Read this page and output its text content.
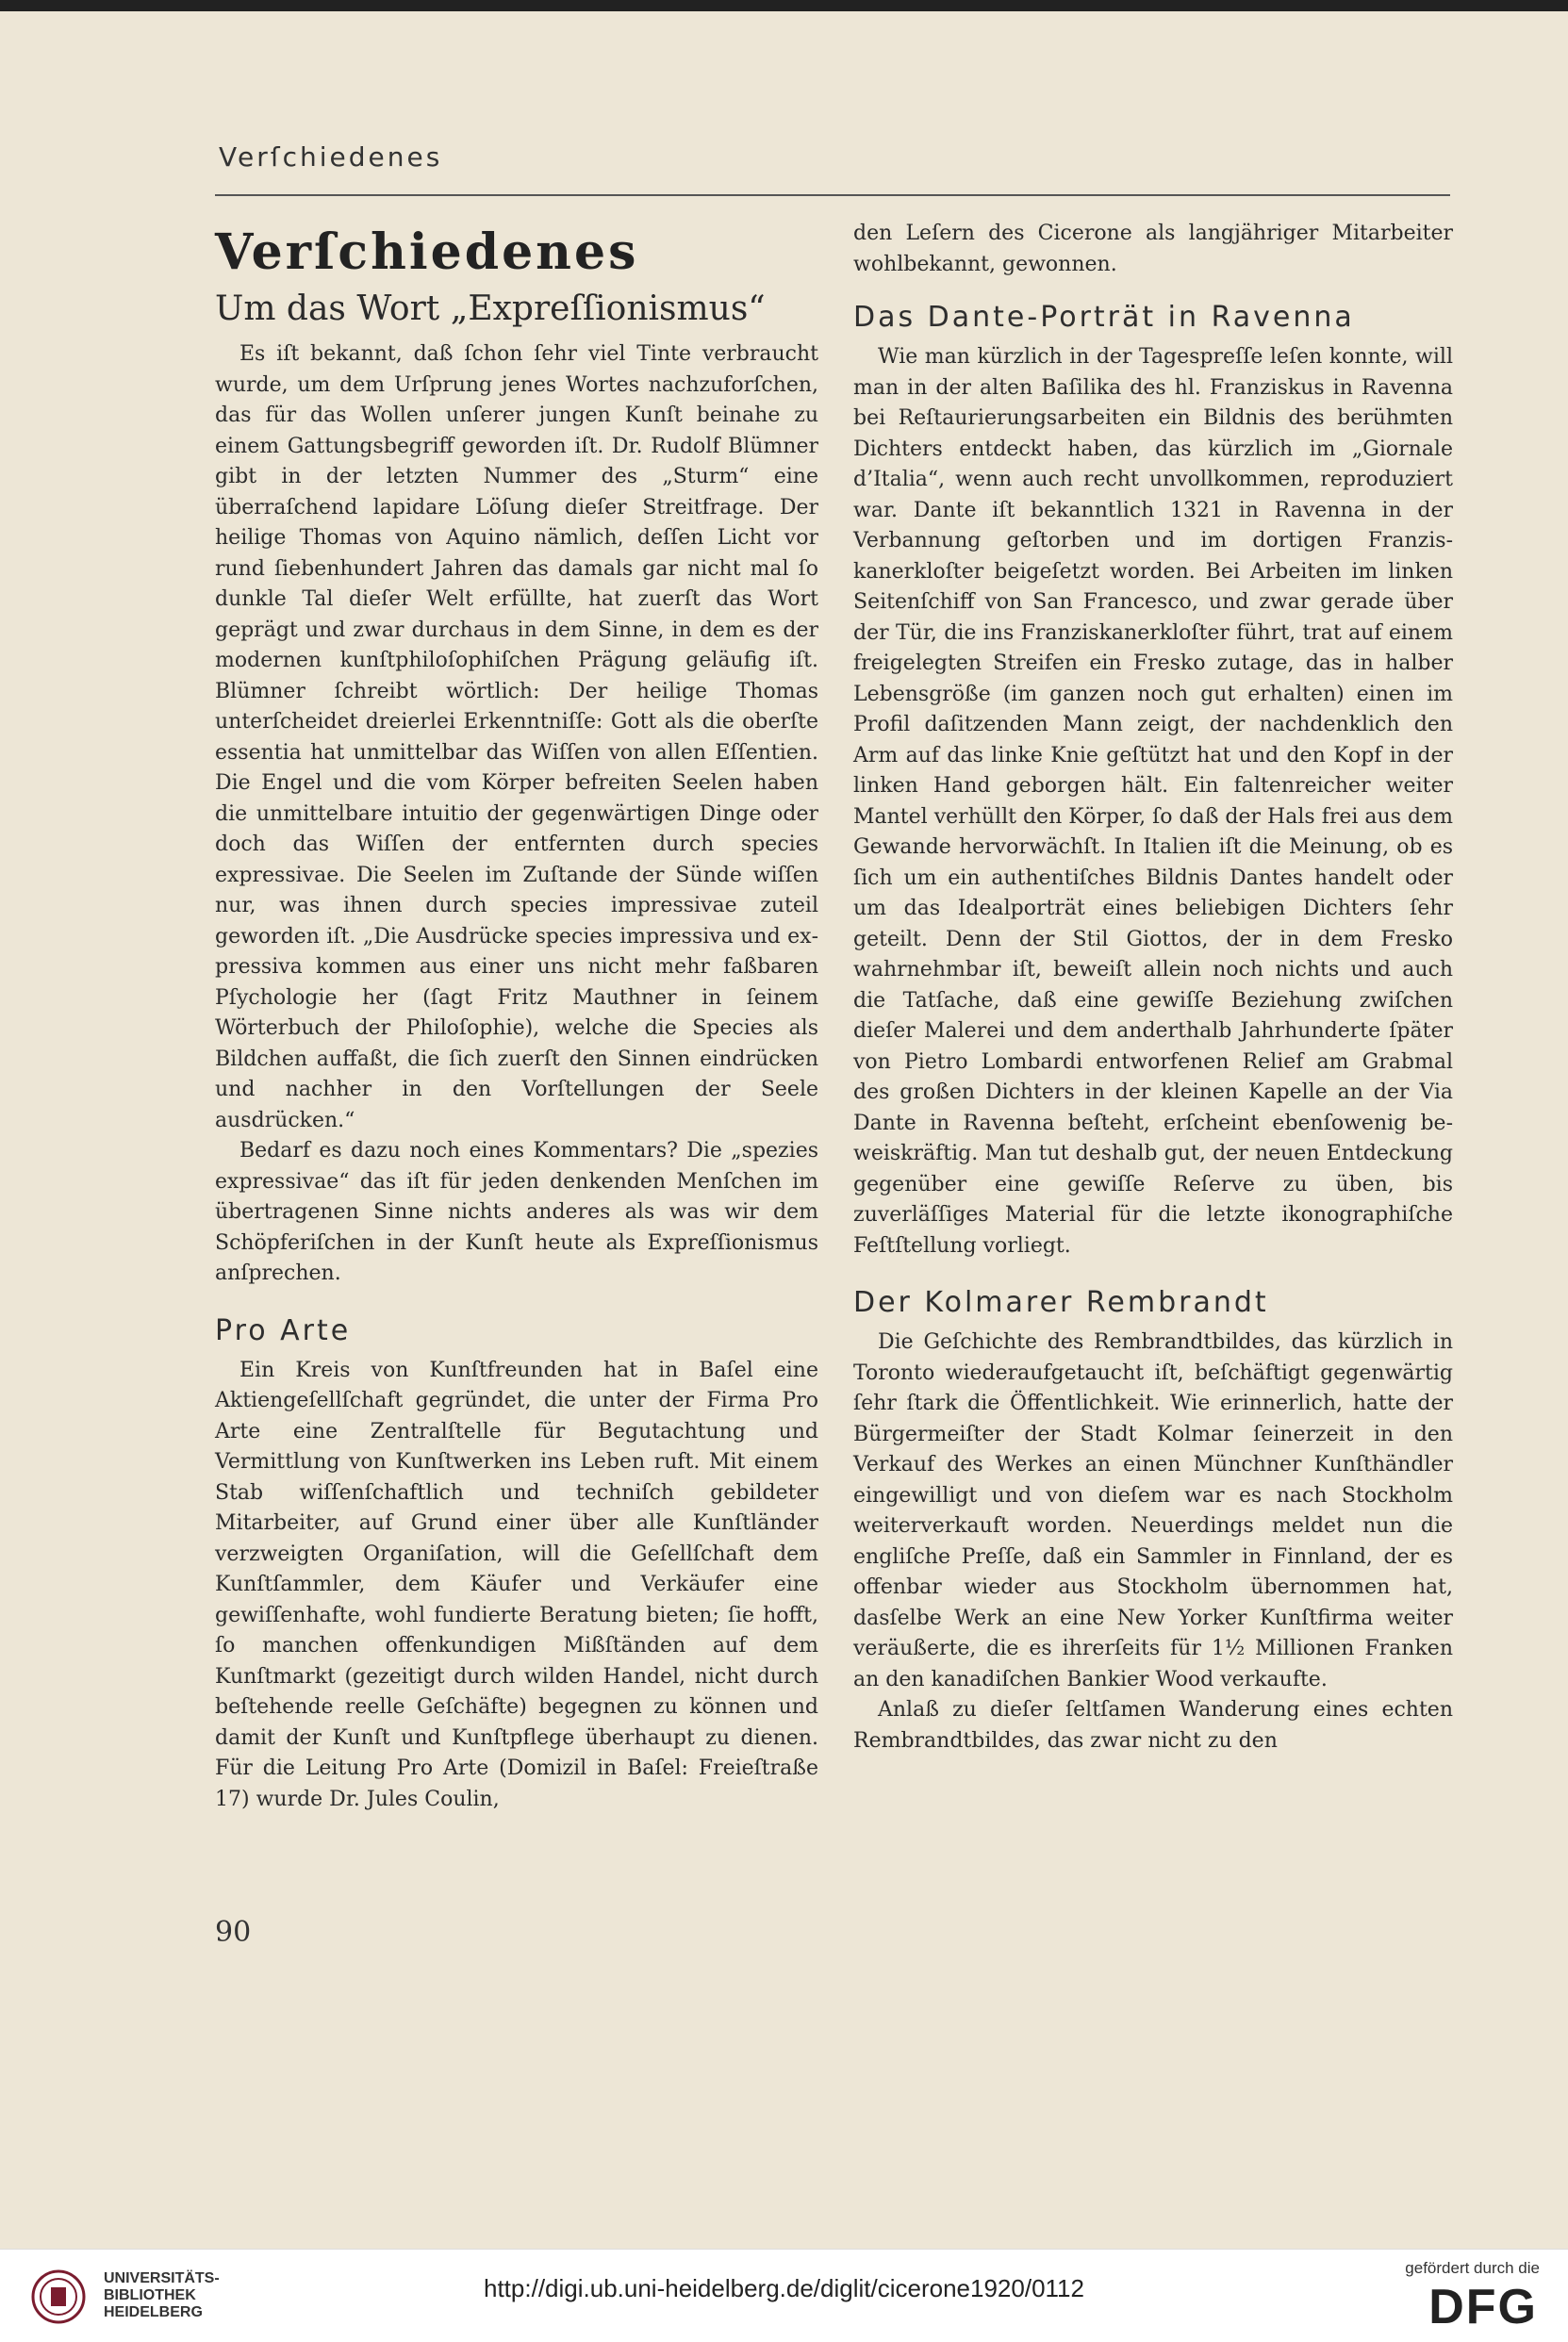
Verſchiedenes
Verſchiedenes
Um das Wort „Expreſſionismus“

Es iſt bekannt, daß ſchon ſehr viel Tinte verbraucht wurde, um dem Urſprung jenes Wortes nachzuforſchen, das für das Wollen unſerer jungen Kunſt beinahe zu einem Gattungsbegriff geworden iſt. Dr. Rudolf Blümner gibt in der letzten Nummer des „Sturm“ eine überraſchend lapidare Löſung dieſer Streitfrage. Der heilige Thomas von Aquino nämlich, deſſen Licht vor rund ſiebenhundert Jahren das damals gar nicht mal ſo dunkle Tal dieſer Welt erfüllte, hat zuerſt das Wort geprägt und zwar durchaus in dem Sinne, in dem es der modernen kunſtphiloſophiſchen Prägung geläufig iſt. Blümner ſchreibt wörtlich: Der heilige Thomas unterſcheidet dreierlei Erkenntniſſe: Gott als die oberſte essentia hat unmittelbar das Wiſſen von allen Eſſentien. Die Engel und die vom Körper befreiten Seelen haben die unmittelbare intuitio der gegenwärtigen Dinge oder doch das Wiſſen der entfernten durch species expressivae. Die Seelen im Zuſtande der Sünde wiſſen nur, was ihnen durch species impressivae zuteil geworden iſt. „Die Ausdrücke species impressiva und expressiva kommen aus einer uns nicht mehr faßbaren Pſychologie her (ſagt Fritz Mauthner in ſeinem Wörterbuch der Philoſophie), welche die Species als Bildchen auffaßt, die ſich zuerſt den Sinnen eindrücken und nachher in den Vorſtellungen der Seele ausdrücken.“

Bedarf es dazu noch eines Kommentars? Die „spezies expressivae“ das iſt für jeden denkenden Menſchen im übertragenen Sinne nichts anderes als was wir dem Schöpferiſchen in der Kunſt heute als Expreſſionismus anſprechen.

Pro Arte

Ein Kreis von Kunſtfreunden hat in Baſel eine Aktiengeſellſchaft gegründet, die unter der Firma Pro Arte eine Zentralſtelle für Begutachtung und Vermittlung von Kunſtwerken ins Leben ruft. Mit einem Stab wiſſenſchaftlich und techniſch gebildeter Mitarbeiter, auf Grund einer über alle Kunſtländer verzweigten Organiſation, will die Geſellſchaft dem Kunſtſammler, dem Käufer und Verkäufer eine gewiſſenhafte, wohl fundierte Beratung bieten; ſie hofft, ſo manchen offenkundigen Mißſtänden auf dem Kunſtmarkt (gezeitigt durch wilden Handel, nicht durch beſtehende reelle Geſchäfte) begegnen zu können und damit der Kunſt und Kunſtpflege überhaupt zu dienen. Für die Leitung Pro Arte (Domizil in Baſel: Freieſtraße 17) wurde Dr. Jules Coulin,

den Leſern des Cicerone als langjähriger Mitarbeiter wohlbekannt, gewonnen.

Das Dante-Porträt in Ravenna

Wie man kürzlich in der Tagespreſſe leſen konnte, will man in der alten Baſilika des hl. Franziskus in Ravenna bei Reſtaurierungsarbeiten ein Bildnis des berühmten Dichters entdeckt haben, das kürzlich im „Giornale d’Italia“, wenn auch recht unvollkommen, reproduziert war. Dante iſt bekanntlich 1321 in Ravenna in der Verbannung geſtorben und im dortigen Franziskanerkloſter beigeſetzt worden. Bei Arbeiten im linken Seitenſchiff von San Francesco, und zwar gerade über der Tür, die ins Franziskanerkloſter führt, trat auf einem freigelegten Streifen ein Fresko zutage, das in halber Lebensgröße (im ganzen noch gut erhalten) einen im Profil daſitzenden Mann zeigt, der nachdenklich den Arm auf das linke Knie geſtützt hat und den Kopf in der linken Hand geborgen hält. Ein faltenreicher weiter Mantel verhüllt den Körper, ſo daß der Hals frei aus dem Gewande hervorwächſt. In Italien iſt die Meinung, ob es ſich um ein authentiſches Bildnis Dantes handelt oder um das Idealporträt eines beliebigen Dichters ſehr geteilt. Denn der Stil Giottos, der in dem Fresko wahrnehmbar iſt, beweiſt allein noch nichts und auch die Tatſache, daß eine gewiſſe Beziehung zwiſchen dieſer Malerei und dem anderthalb Jahrhunderte ſpäter von Pietro Lombardi entworfenen Relief am Grabmal des großen Dichters in der kleinen Kapelle an der Via Dante in Ravenna beſteht, erſcheint ebenſowenig beweiskräftig. Man tut deshalb gut, der neuen Entdeckung gegenüber eine gewiſſe Reſerve zu üben, bis zuverläſſiges Material für die letzte ikonographiſche Feſtſtellung vorliegt.

Der Kolmarer Rembrandt

Die Geſchichte des Rembrandtbildes, das kürzlich in Toronto wiederaufgetaucht iſt, beſchäftigt gegenwärtig ſehr ſtark die Öffentlichkeit. Wie erinnerlich, hatte der Bürgermeiſter der Stadt Kolmar ſeinerzeit in den Verkauf des Werkes an einen Münchner Kunſthändler eingewilligt und von dieſem war es nach Stockholm weiterverkauft worden. Neuerdings meldet nun die engliſche Preſſe, daß ein Sammler in Finnland, der es offenbar wieder aus Stockholm übernommen hat, dasſelbe Werk an eine New Yorker Kunſtfirma weiter veräußerte, die es ihrerſeits für 1½ Millionen Franken an den kanadiſchen Bankier Wood verkaufte.

Anlaß zu dieſer ſeltſamen Wanderung eines echten Rembrandtbildes, das zwar nicht zu den

90
UNIVERSITÄTS-
BIBLIOTHEK
HEIDELBERG
http://digi.ub.uni-heidelberg.de/diglit/cicerone1920/0112
gefördert durch die
DFG
